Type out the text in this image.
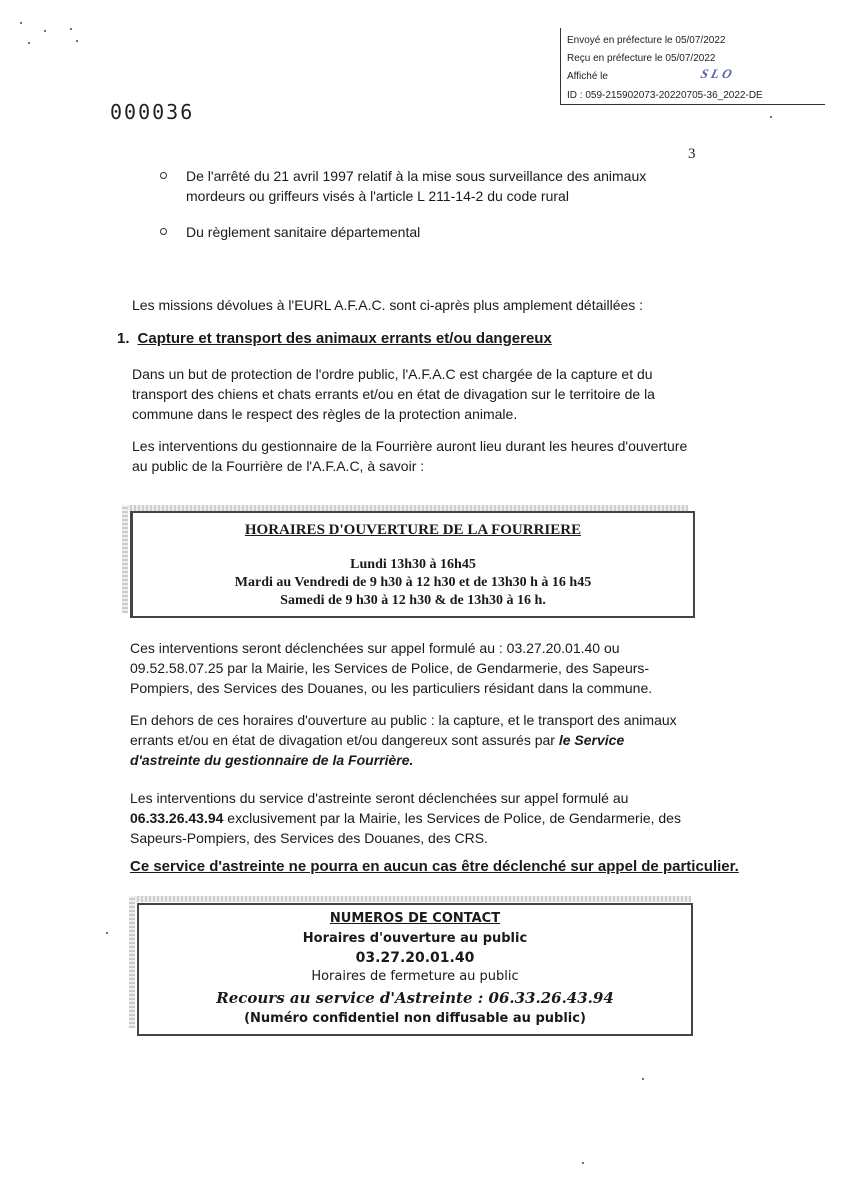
Envoyé en préfecture le 05/07/2022
Reçu en préfecture le 05/07/2022
Affiché le	SLO
ID : 059-215902073-20220705-36_2022-DE
000036
3
De l'arrêté du 21 avril 1997 relatif à la mise sous surveillance des animaux mordeurs ou griffeurs visés à l'article L 211-14-2 du code rural
Du règlement sanitaire départemental
Les missions dévolues à l'EURL A.F.A.C. sont ci-après plus amplement détaillées :
1. Capture et transport des animaux errants et/ou dangereux
Dans un but de protection de l'ordre public, l'A.F.A.C est chargée de la capture et du transport des chiens et chats errants et/ou en état de divagation sur le territoire de la commune dans le respect des règles de la protection animale.
Les interventions du gestionnaire de la Fourrière auront lieu durant les heures d'ouverture au public de la Fourrière de l'A.F.A.C, à savoir :
HORAIRES D'OUVERTURE DE LA FOURRIERE
Lundi 13h30 à 16h45
Mardi au Vendredi de 9 h30 à 12 h30 et de 13h30 h à 16 h45
Samedi de 9 h30 à 12 h30 & de 13h30 à 16 h.
Ces interventions seront déclenchées sur appel formulé au : 03.27.20.01.40 ou 09.52.58.07.25 par la Mairie, les Services de Police, de Gendarmerie, des Sapeurs-Pompiers, des Services des Douanes, ou les particuliers résidant dans la commune.
En dehors de ces horaires d'ouverture au public : la capture, et le transport des animaux errants et/ou en état de divagation et/ou dangereux sont assurés par le Service d'astreinte du gestionnaire de la Fourrière.
Les interventions du service d'astreinte seront déclenchées sur appel formulé au 06.33.26.43.94 exclusivement par la Mairie, les Services de Police, de Gendarmerie, des Sapeurs-Pompiers, des Services des Douanes, des CRS.
Ce service d'astreinte ne pourra en aucun cas être déclenché sur appel de particulier.
NUMEROS DE CONTACT
Horaires d'ouverture au public
03.27.20.01.40
Horaires de fermeture au public
Recours au service d'Astreinte : 06.33.26.43.94
(Numéro confidentiel non diffusable au public)
